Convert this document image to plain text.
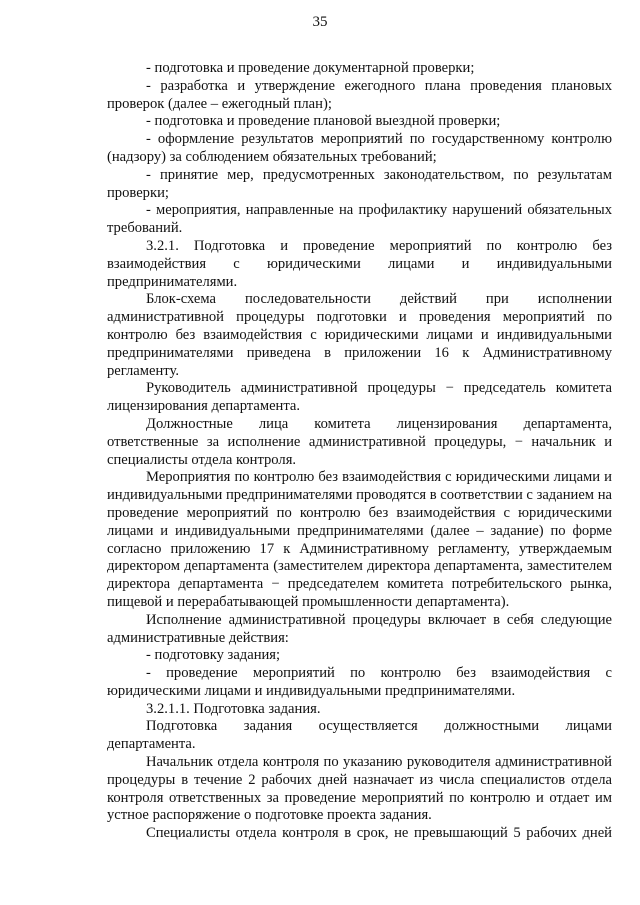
35

- подготовка и проведение документарной проверки;

- разработка и утверждение ежегодного плана проведения плановых проверок (далее – ежегодный план);

- подготовка и проведение плановой выездной проверки;

- оформление результатов мероприятий по государственному контролю (надзору) за соблюдением обязательных требований;

- принятие мер, предусмотренных законодательством, по результатам проверки;

- мероприятия, направленные на профилактику нарушений обязательных требований.

3.2.1. Подготовка и проведение мероприятий по контролю без взаимодействия с юридическими лицами и индивидуальными предпринимателями.

Блок-схема последовательности действий при исполнении административной процедуры подготовки и проведения мероприятий по контролю без взаимодействия с юридическими лицами и индивидуальными предпринимателями приведена в приложении 16 к Административному регламенту.

Руководитель административной процедуры − председатель комитета лицензирования департамента.

Должностные лица комитета лицензирования департамента, ответственные за исполнение административной процедуры, − начальник и специалисты отдела контроля.

Мероприятия по контролю без взаимодействия с юридическими лицами и индивидуальными предпринимателями проводятся в соответствии с заданием на проведение мероприятий по контролю без взаимодействия с юридическими лицами и индивидуальными предпринимателями (далее – задание) по форме согласно приложению 17 к Административному регламенту, утверждаемым директором департамента (заместителем директора департамента, заместителем директора департамента − председателем комитета потребительского рынка, пищевой и перерабатывающей промышленности департамента).

Исполнение административной процедуры включает в себя следующие административные действия:

- подготовку задания;

- проведение мероприятий по контролю без взаимодействия с юридическими лицами и индивидуальными предпринимателями.

3.2.1.1. Подготовка задания.

Подготовка задания осуществляется должностными лицами департамента.

Начальник отдела контроля по указанию руководителя административной процедуры в течение 2 рабочих дней назначает из числа специалистов отдела контроля ответственных за проведение мероприятий по контролю и отдает им устное распоряжение о подготовке проекта задания.

Специалисты отдела контроля в срок, не превышающий 5 рабочих дней
